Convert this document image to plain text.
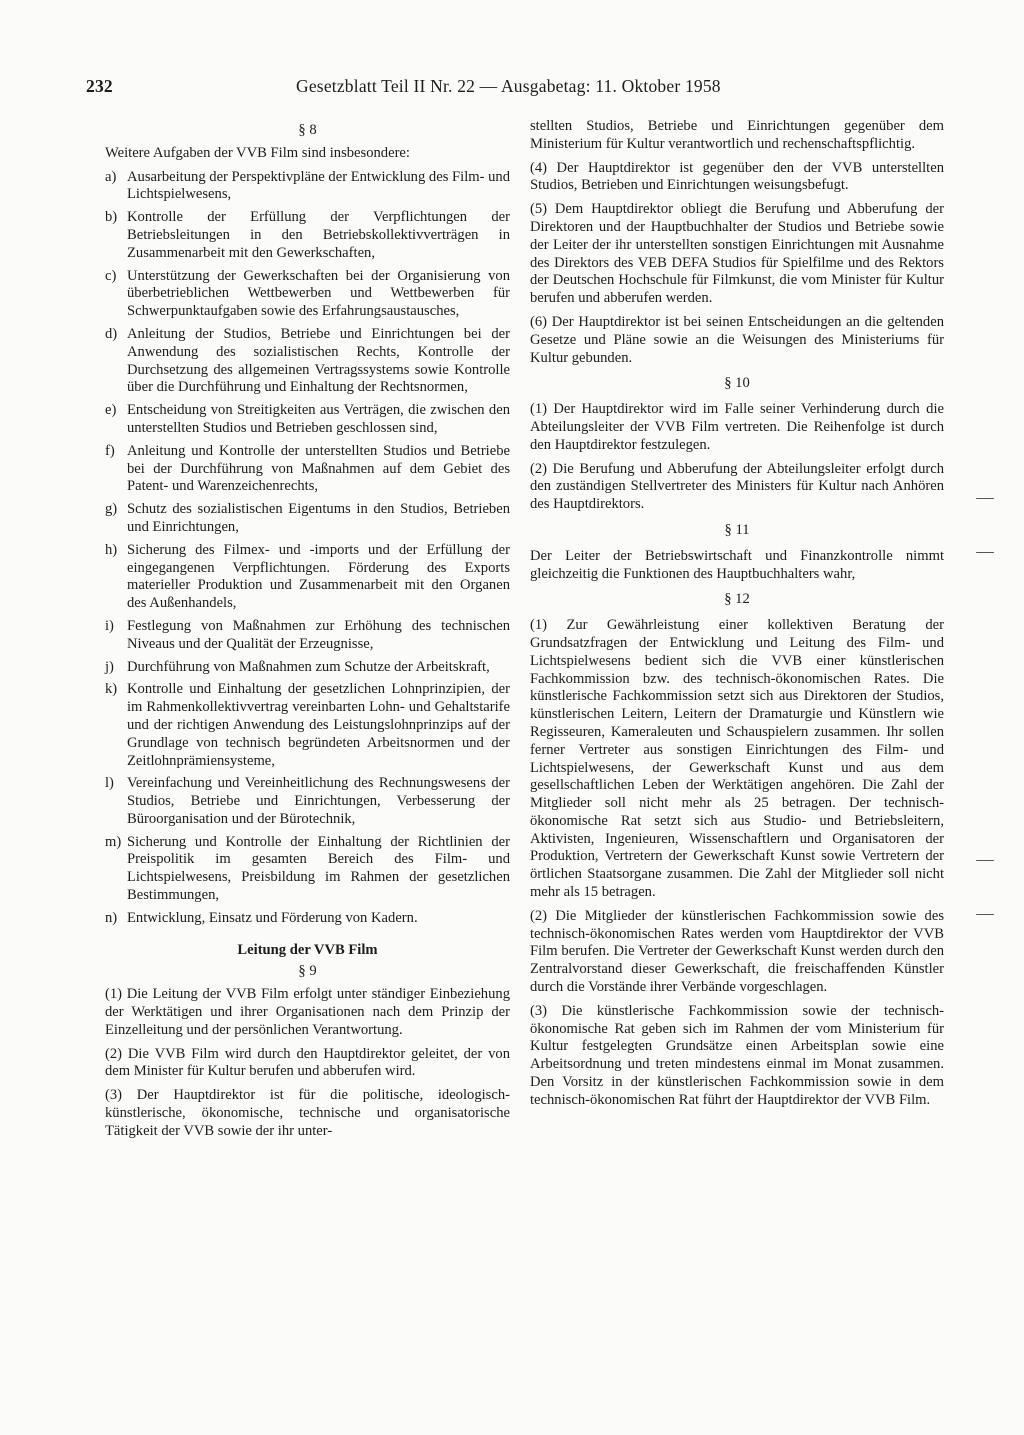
232	Gesetzblatt Teil II Nr. 22 — Ausgabetag: 11. Oktober 1958
§ 8

Weitere Aufgaben der VVB Film sind insbesondere:

a) Ausarbeitung der Perspektivpläne der Entwicklung des Film- und Lichtspielwesens,
b) Kontrolle der Erfüllung der Verpflichtungen der Betriebsleitungen in den Betriebskollektivverträgen in Zusammenarbeit mit den Gewerkschaften,
c) Unterstützung der Gewerkschaften bei der Organisierung von überbetrieblichen Wettbewerben und Wettbewerben für Schwerpunktaufgaben sowie des Erfahrungsaustausches,
d) Anleitung der Studios, Betriebe und Einrichtungen bei der Anwendung des sozialistischen Rechts, Kontrolle der Durchsetzung des allgemeinen Vertragssystems sowie Kontrolle über die Durchführung und Einhaltung der Rechtsnormen,
e) Entscheidung von Streitigkeiten aus Verträgen, die zwischen den unterstellten Studios und Betrieben geschlossen sind,
f) Anleitung und Kontrolle der unterstellten Studios und Betriebe bei der Durchführung von Maßnahmen auf dem Gebiet des Patent- und Warenzeichenrechts,
g) Schutz des sozialistischen Eigentums in den Studios, Betrieben und Einrichtungen,
h) Sicherung des Filmex- und -imports und der Erfüllung der eingegangenen Verpflichtungen. Förderung des Exports materieller Produktion und Zusammenarbeit mit den Organen des Außenhandels,
i) Festlegung von Maßnahmen zur Erhöhung des technischen Niveaus und der Qualität der Erzeugnisse,
j) Durchführung von Maßnahmen zum Schutze der Arbeitskraft,
k) Kontrolle und Einhaltung der gesetzlichen Lohnprinzipien, der im Rahmenkollektivvertrag vereinbarten Lohn- und Gehaltstarife und der richtigen Anwendung des Leistungslohnprinzips auf der Grundlage von technisch begründeten Arbeitsnormen und der Zeitlohnprämiensysteme,
l) Vereinfachung und Vereinheitlichung des Rechnungswesens der Studios, Betriebe und Einrichtungen, Verbesserung der Büroorganisation und der Bürotechnik,
m) Sicherung und Kontrolle der Einhaltung der Richtlinien der Preispolitik im gesamten Bereich des Film- und Lichtspielwesens, Preisbildung im Rahmen der gesetzlichen Bestimmungen,
n) Entwicklung, Einsatz und Förderung von Kadern.
Leitung der VVB Film
§ 9

(1) Die Leitung der VVB Film erfolgt unter ständiger Einbeziehung der Werktätigen und ihrer Organisationen nach dem Prinzip der Einzelleitung und der persönlichen Verantwortung.

(2) Die VVB Film wird durch den Hauptdirektor geleitet, der von dem Minister für Kultur berufen und abberufen wird.

(3) Der Hauptdirektor ist für die politische, ideologisch-künstlerische, ökonomische, technische und organisatorische Tätigkeit der VVB sowie der ihr unter-

stellten Studios, Betriebe und Einrichtungen gegenüber dem Ministerium für Kultur verantwortlich und rechenschaftspflichtig.

(4) Der Hauptdirektor ist gegenüber den der VVB unterstellten Studios, Betrieben und Einrichtungen weisungsbefugt.

(5) Dem Hauptdirektor obliegt die Berufung und Abberufung der Direktoren und der Hauptbuchhalter der Studios und Betriebe sowie der Leiter der ihr unterstellten sonstigen Einrichtungen mit Ausnahme des Direktors des VEB DEFA Studios für Spielfilme und des Rektors der Deutschen Hochschule für Filmkunst, die vom Minister für Kultur berufen und abberufen werden.

(6) Der Hauptdirektor ist bei seinen Entscheidungen an die geltenden Gesetze und Pläne sowie an die Weisungen des Ministeriums für Kultur gebunden.

§ 10

(1) Der Hauptdirektor wird im Falle seiner Verhinderung durch die Abteilungsleiter der VVB Film vertreten. Die Reihenfolge ist durch den Hauptdirektor festzulegen.

(2) Die Berufung und Abberufung der Abteilungsleiter erfolgt durch den zuständigen Stellvertreter des Ministers für Kultur nach Anhören des Hauptdirektors.

§ 11

Der Leiter der Betriebswirtschaft und Finanzkontrolle nimmt gleichzeitig die Funktionen des Hauptbuchhalters wahr,

§ 12

(1) Zur Gewährleistung einer kollektiven Beratung der Grundsatzfragen der Entwicklung und Leitung des Film- und Lichtspielwesens bedient sich die VVB einer künstlerischen Fachkommission bzw. des technisch-ökonomischen Rates. Die künstlerische Fachkommission setzt sich aus Direktoren der Studios, künstlerischen Leitern, Leitern der Dramaturgie und Künstlern wie Regisseuren, Kameraleuten und Schauspielern zusammen. Ihr sollen ferner Vertreter aus sonstigen Einrichtungen des Film- und Lichtspielwesens, der Gewerkschaft Kunst und aus dem gesellschaftlichen Leben der Werktätigen angehören. Die Zahl der Mitglieder soll nicht mehr als 25 betragen. Der technisch-ökonomische Rat setzt sich aus Studio- und Betriebsleitern, Aktivisten, Ingenieuren, Wissenschaftlern und Organisatoren der Produktion, Vertretern der Gewerkschaft Kunst sowie Vertretern der örtlichen Staatsorgane zusammen. Die Zahl der Mitglieder soll nicht mehr als 15 betragen.

(2) Die Mitglieder der künstlerischen Fachkommission sowie des technisch-ökonomischen Rates werden vom Hauptdirektor der VVB Film berufen. Die Vertreter der Gewerkschaft Kunst werden durch den Zentralvorstand dieser Gewerkschaft, die freischaffenden Künstler durch die Vorstände ihrer Verbände vorgeschlagen.

(3) Die künstlerische Fachkommission sowie der technisch-ökonomische Rat geben sich im Rahmen der vom Ministerium für Kultur festgelegten Grundsätze einen Arbeitsplan sowie eine Arbeitsordnung und treten mindestens einmal im Monat zusammen. Den Vorsitz in der künstlerischen Fachkommission sowie in dem technisch-ökonomischen Rat führt der Hauptdirektor der VVB Film.
